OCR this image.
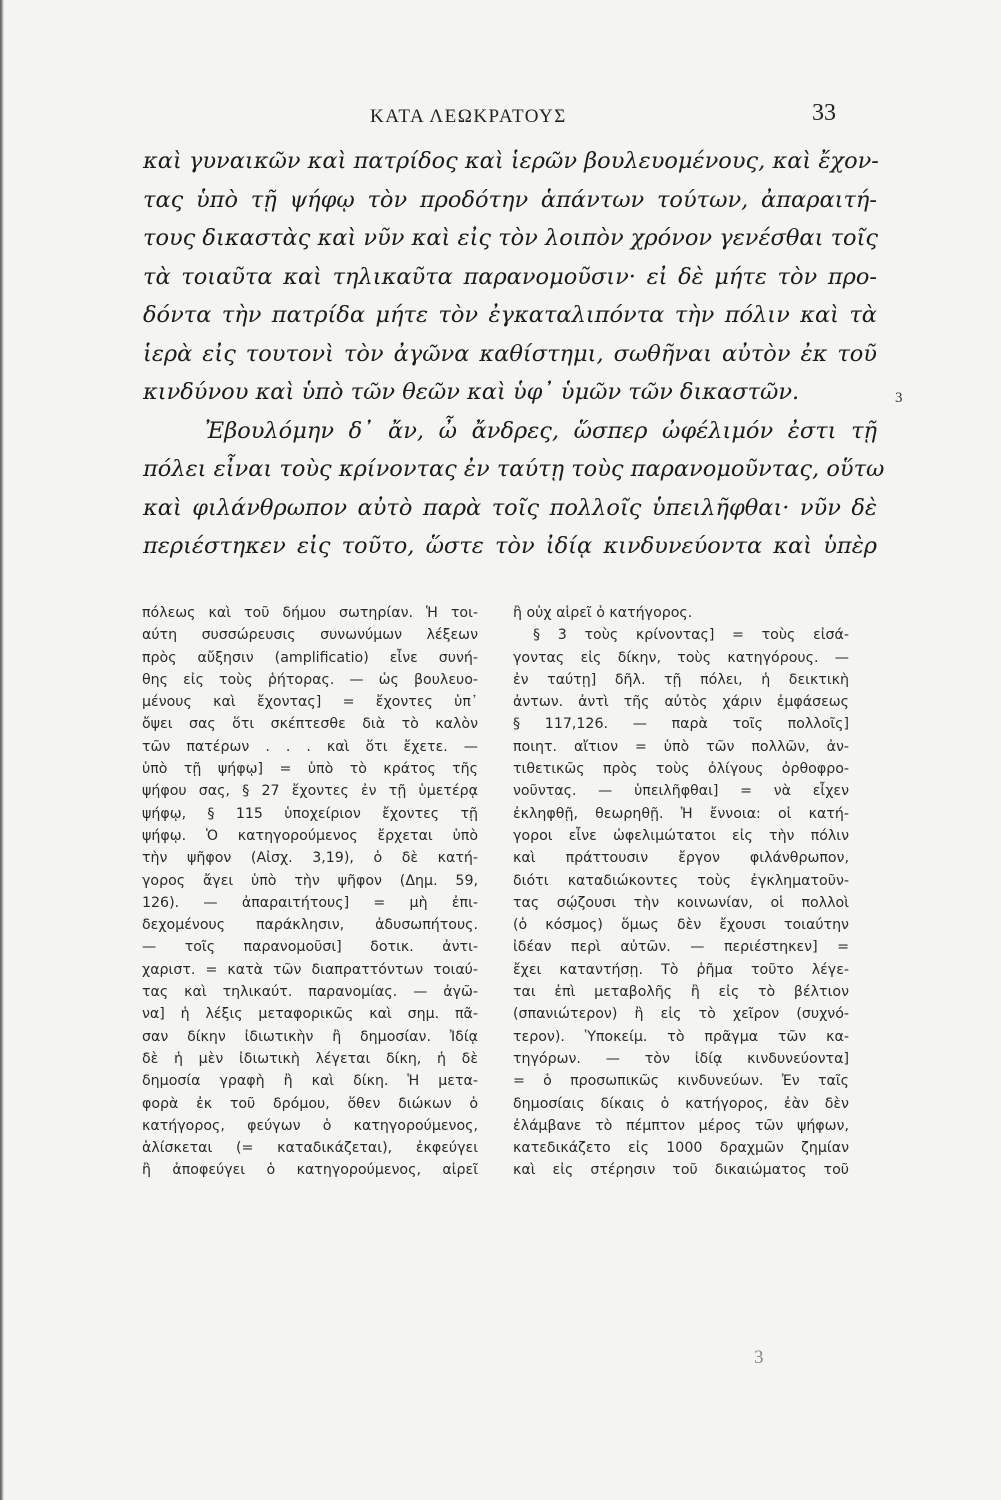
ΚΑΤΑ ΛΕΩΚΡΑΤΟΥΣ	33
καὶ γυναικῶν καὶ πατρίδος καὶ ἱερῶν βουλευομένους, καὶ ἔχον-
τας ὑπὸ τῇ ψήφῳ τὸν προδότην ἁπάντων τούτων, ἀπαραιτή-
τους δικαστὰς καὶ νῦν καὶ εἰς τὸν λοιπὸν χρόνον γενέσθαι τοῖς
τὰ τοιαῦτα καὶ τηλικαῦτα παρανομοῦσιν· εἰ δὲ μήτε τὸν προ-
δόντα τὴν πατρίδα μήτε τὸν ἐγκαταλιπόντα τὴν πόλιν καὶ τὰ
ἱερὰ εἰς τουτονὶ τὸν ἀγῶνα καθίστημι, σωθῆναι αὐτὸν ἐκ τοῦ
κινδύνου καὶ ὑπὸ τῶν θεῶν καὶ ὑφ᾽ ὑμῶν τῶν δικαστῶν.
Ἐβουλόμην δ᾽ ἄν, ὦ ἄνδρες, ὥσπερ ὠφέλιμόν ἐστι τῇ
πόλει εἶναι τοὺς κρίνοντας ἐν ταύτῃ τοὺς παρανομοῦντας, οὕτω
καὶ φιλάνθρωπον αὐτὸ παρὰ τοῖς πολλοῖς ὑπειλῆφθαι· νῦν δὲ
περιέστηκεν εἰς τοῦτο, ὥστε τὸν ἰδίᾳ κινδυνεύοντα καὶ ὑπὲρ
3
πόλεως καὶ τοῦ δήμου σωτηρίαν. Ἡ τοι-
αύτη συσσώρευσις συνωνύμων λέξεων
πρὸς αὔξησιν (amplificatio) εἶνε συνή-
θης εἰς τοὺς ῥήτορας. — ὡς βουλευο-
μένους καὶ ἔχοντας] = ἔχοντες ὑπ᾽
ὄψει σας ὅτι σκέπτεσθε διὰ τὸ καλὸν
τῶν πατέρων . . . καὶ ὅτι ἔχετε. —
ὑπὸ τῇ ψήφῳ] = ὑπὸ τὸ κράτος τῆς
ψήφου σας, § 27 ἔχοντες ἐν τῇ ὑμετέρᾳ
ψήφῳ, § 115 ὑποχείριον ἔχοντες τῇ
ψήφῳ. Ὁ κατηγορούμενος ἔρχεται ὑπὸ
τὴν ψῆφον (Αἰσχ. 3,19), ὁ δὲ κατή-
γορος ἄγει ὑπὸ τὴν ψῆφον (Δημ. 59,
126). — ἀπαραιτήτους] = μὴ ἐπι-
δεχομένους παράκλησιν, ἀδυσωπήτους.
— τοῖς παρανομοῦσι] δοτικ. ἀντι-
χαριστ. = κατὰ τῶν διαπραττόντων τοιαύ-
τας καὶ τηλικαύτ. παρανομίας. — ἀγῶ-
να] ἡ λέξις μεταφορικῶς καὶ σημ. πᾶ-
σαν δίκην ἰδιωτικὴν ἢ δημοσίαν. Ἰδίᾳ
δὲ ἡ μὲν ἰδιωτικὴ λέγεται δίκη, ἡ δὲ
δημοσία γραφὴ ἢ καὶ δίκη. Ἡ μετα-
φορὰ ἐκ τοῦ δρόμου, ὅθεν διώκων ὁ
κατήγορος, φεύγων ὁ κατηγορούμενος,
ἁλίσκεται (= καταδικάζεται), ἐκφεύγει
ἢ ἀποφεύγει ὁ κατηγορούμενος, αἱρεῖ
ἢ οὐχ αἱρεῖ ὁ κατήγορος.
§ 3 τοὺς κρίνοντας] = τοὺς εἰσά-
γοντας εἰς δίκην, τοὺς κατηγόρους. —
ἐν ταύτῃ] δῆλ. τῇ πόλει, ἡ δεικτικὴ
ἀντων. ἀντὶ τῆς αὐτὸς χάριν ἐμφάσεως
§ 117,126. — παρὰ τοῖς πολλοῖς]
ποιητ. αἴτιον = ὑπὸ τῶν πολλῶν, ἀν-
τιθετικῶς πρὸς τοὺς ὀλίγους ὀρθοφρο-
νοῦντας. — ὑπειλῆφθαι] = νὰ εἶχεν
ἐκληφθῇ, θεωρηθῇ. Ἡ ἔννοια: οἱ κατή-
γοροι εἶνε ὠφελιμώτατοι εἰς τὴν πόλιν
καὶ πράττουσιν ἔργον φιλάνθρωπον,
διότι καταδιώκοντες τοὺς ἐγκληματοῦν-
τας σῴζουσι τὴν κοινωνίαν, οἱ πολλοὶ
(ὁ κόσμος) ὅμως δὲν ἔχουσι τοιαύτην
ἰδέαν περὶ αὐτῶν. — περιέστηκεν] =
ἔχει καταντήσῃ. Τὸ ῥῆμα τοῦτο λέγε-
ται ἐπὶ μεταβολῆς ἢ εἰς τὸ βέλτιον
(σπανιώτερον) ἢ εἰς τὸ χεῖρον (συχνό-
τερον). Ὑποκείμ. τὸ πρᾶγμα τῶν κα-
τηγόρων. — τὸν ἰδίᾳ κινδυνεύοντα]
= ὁ προσωπικῶς κινδυνεύων. Ἐν ταῖς
δημοσίαις δίκαις ὁ κατήγορος, ἐὰν δὲν
ἐλάμβανε τὸ πέμπτον μέρος τῶν ψήφων,
κατεδικάζετο εἰς 1000 δραχμῶν ζημίαν
καὶ εἰς στέρησιν τοῦ δικαιώματος τοῦ
3
